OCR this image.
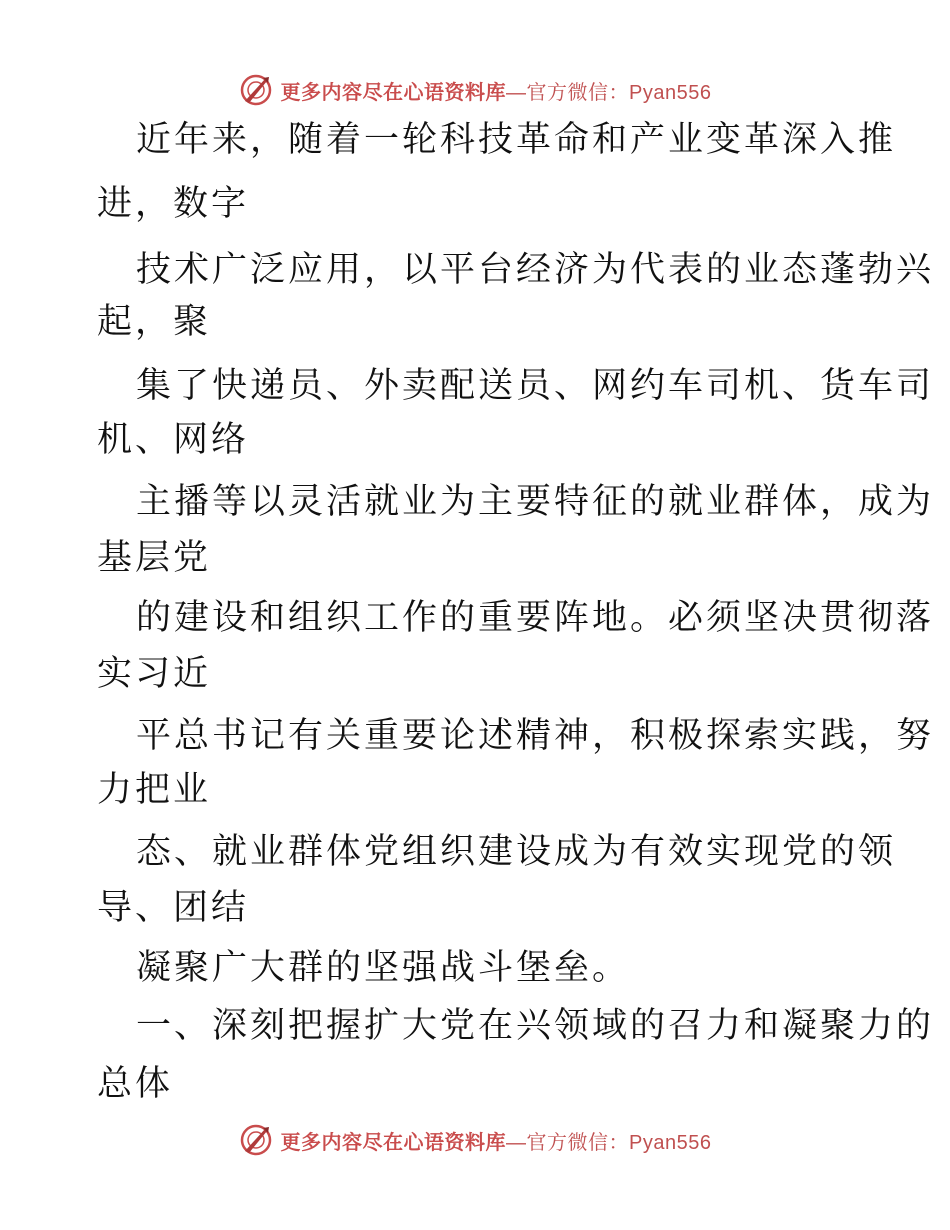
更多内容尽在心语资料库—官方微信：Pyan556
近年来，随着一轮科技革命和产业变革深入推
进，数字
技术广泛应用，以平台经济为代表的业态蓬勃兴
起，聚
集了快递员、外卖配送员、网约车司机、货车司
机、网络
主播等以灵活就业为主要特征的就业群体，成为
基层党
的建设和组织工作的重要阵地。必须坚决贯彻落
实习近
平总书记有关重要论述精神，积极探索实践，努
力把业
态、就业群体党组织建设成为有效实现党的领
导、团结
凝聚广大群的坚强战斗堡垒。
一、深刻把握扩大党在兴领域的召力和凝聚力的
总体
更多内容尽在心语资料库—官方微信：Pyan556
